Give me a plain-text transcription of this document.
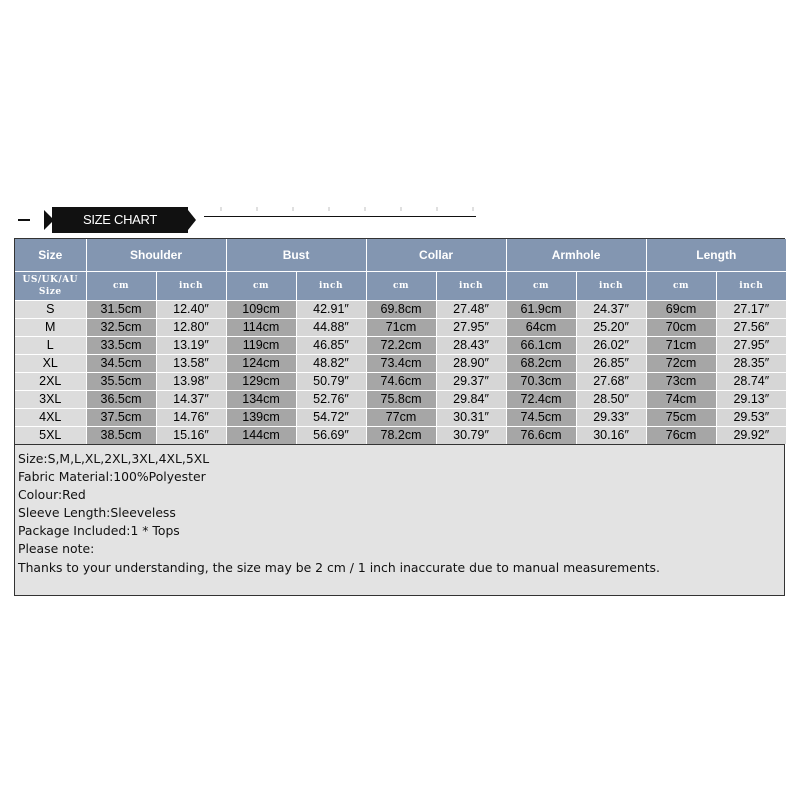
SIZE CHART
Size	Shoulder		Bust		Collar		Armhole		Length	
US/UK/AU Size	cm	inch	cm	inch	cm	inch	cm	inch	cm	inch
S	31.5cm	12.40″	109cm	42.91″	69.8cm	27.48″	61.9cm	24.37″	69cm	27.17″
M	32.5cm	12.80″	114cm	44.88″	71cm	27.95″	64cm	25.20″	70cm	27.56″
L	33.5cm	13.19″	119cm	46.85″	72.2cm	28.43″	66.1cm	26.02″	71cm	27.95″
XL	34.5cm	13.58″	124cm	48.82″	73.4cm	28.90″	68.2cm	26.85″	72cm	28.35″
2XL	35.5cm	13.98″	129cm	50.79″	74.6cm	29.37″	70.3cm	27.68″	73cm	28.74″
3XL	36.5cm	14.37″	134cm	52.76″	75.8cm	29.84″	72.4cm	28.50″	74cm	29.13″
4XL	37.5cm	14.76″	139cm	54.72″	77cm	30.31″	74.5cm	29.33″	75cm	29.53″
5XL	38.5cm	15.16″	144cm	56.69″	78.2cm	30.79″	76.6cm	30.16″	76cm	29.92″
Size:S,M,L,XL,2XL,3XL,4XL,5XL
Fabric Material:100%Polyester
Colour:Red
Sleeve Length:Sleeveless
Package Included:1 * Tops
Please note:
Thanks to your understanding, the size may be 2 cm / 1 inch inaccurate due to manual measurements.
